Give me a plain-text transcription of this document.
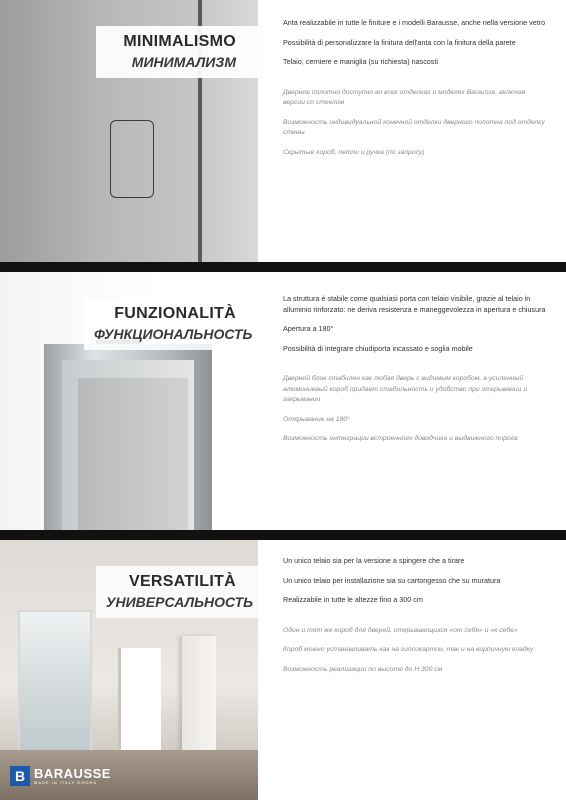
MINIMALISMO
МИНИМАЛИЗМ

Anta realizzabile in tutte le finiture e i modelli Barausse, anche nella versione vetro

Possibilità di personalizzare la finitura dell'anta con la finitura della parete

Telaio, cerniere e maniglia (su richiesta) nascosti

Дверное полотно доступно во всех отделках и моделях Barausse, включая версии со стеклом

Возможность индивидуальной конечной отделки дверного полотна под отделку стены

Скрытые короб, петли и ручка (по запросу)

FUNZIONALITÀ
ФУНКЦИОНАЛЬНОСТЬ

La struttura è stabile come qualsiasi porta con telaio visibile, grazie al telaio in alluminio rinforzato: ne deriva resistenza e maneggevolezza in apertura e chiusura

Apertura a 180°

Possibilità di integrare chiudiporta incassato e soglia mobile

Дверной блок стабилен как любая дверь с видимым коробом, а усиленный алюминиевый короб придает стабильность и удобство при открывании и закрывании

Открывание на 180°

Возможность интеграции встроенного доводчика и выдвижного порога

VERSATILITÀ
УНИВЕРСАЛЬНОСТЬ

Un unico telaio sia per la versione a spingere che a tirare

Un unico telaio per installazione sia su cartongesso che su muratura

Realizzabile in tutte le altezze fino a 300 cm

Один и тот же короб для дверей, открывающихся «от себя» и «к себе»

Короб можно устанавливать как на гипсокартон, так и на кирпичную кладку

Возможность реализации по высоте до H 300 см

B BARAUSSE
MADE IN ITALY DOORS
